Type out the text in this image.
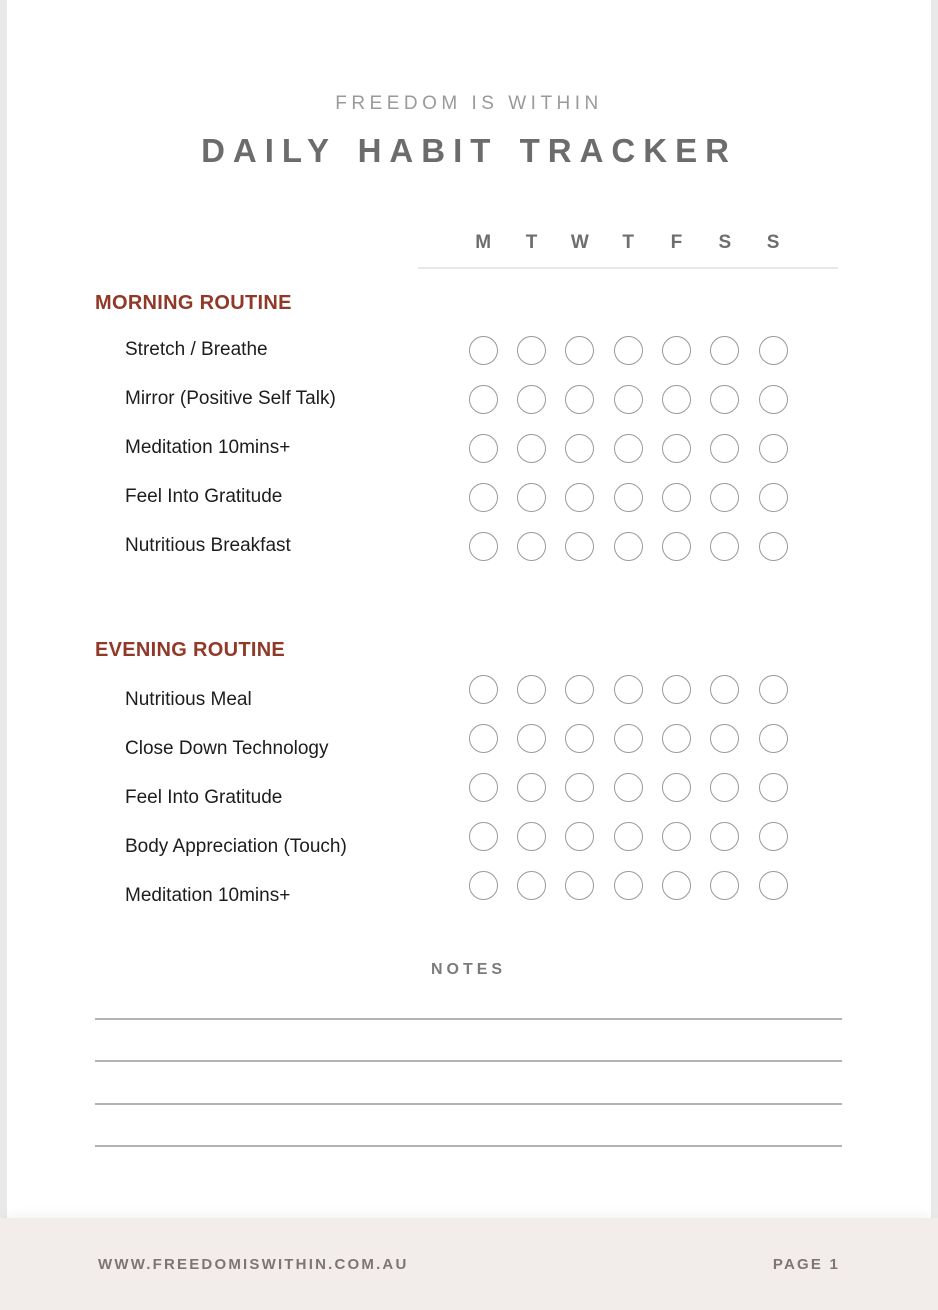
FREEDOM IS WITHIN
DAILY HABIT TRACKER
M	T	W	T	F	S	S
MORNING ROUTINE
Stretch / Breathe
Mirror (Positive Self Talk)
Meditation 10mins+
Feel Into Gratitude
Nutritious Breakfast
EVENING ROUTINE
Nutritious Meal
Close Down Technology
Feel Into Gratitude
Body Appreciation (Touch)
Meditation 10mins+
NOTES
WWW.FREEDOMISWITHIN.COM.AU	PAGE 1
